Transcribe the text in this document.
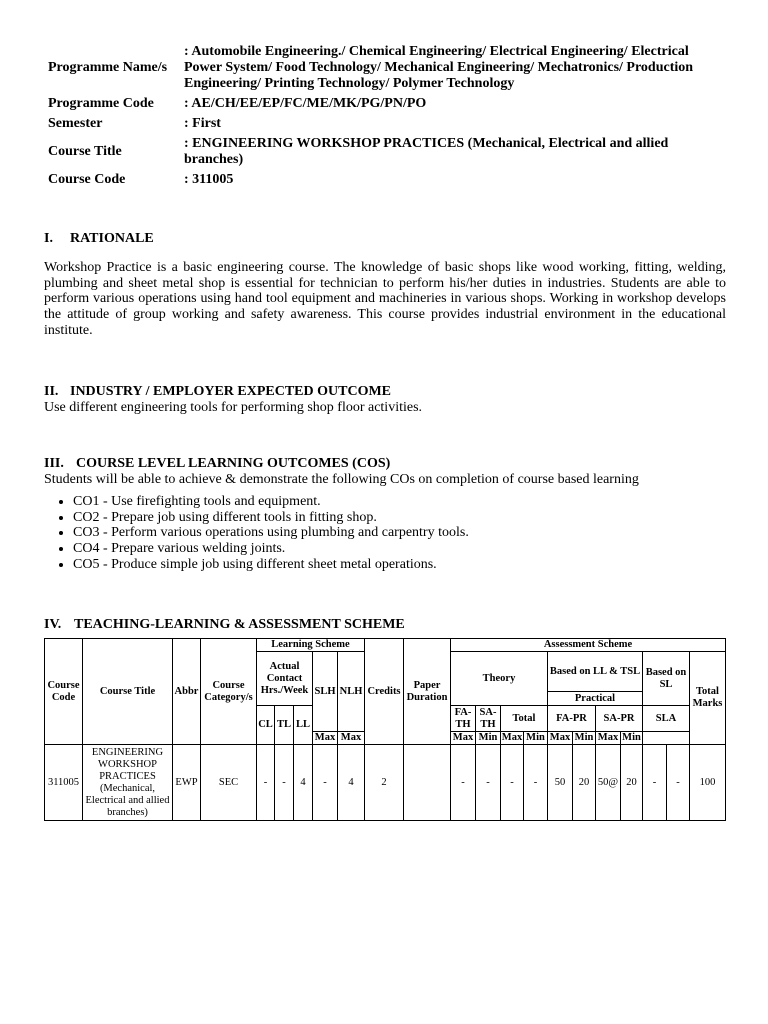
Programme Name/s	: Automobile Engineering./ Chemical Engineering/ Electrical Engineering/ Electrical Power System/ Food Technology/ Mechanical Engineering/ Mechatronics/ Production Engineering/ Printing Technology/ Polymer Technology
Programme Code	: AE/CH/EE/EP/FC/ME/MK/PG/PN/PO
Semester	: First
Course Title	: ENGINEERING WORKSHOP PRACTICES (Mechanical, Electrical and allied branches)
Course Code	: 311005
I. RATIONALE

Workshop Practice is a basic engineering course. The knowledge of basic shops like wood working, fitting, welding, plumbing and sheet metal shop is essential for technician to perform his/her duties in industries. Students are able to perform various operations using hand tool equipment and machineries in various shops. Working in workshop develops the attitude of group working and safety awareness. This course provides industrial environment in the educational institute.

II. INDUSTRY / EMPLOYER EXPECTED OUTCOME

Use different engineering tools for performing shop floor activities.

III. COURSE LEVEL LEARNING OUTCOMES (COS)

Students will be able to achieve & demonstrate the following COs on completion of course based learning

• CO1 - Use firefighting tools and equipment.
• CO2 - Prepare job using different tools in fitting shop.
• CO3 - Perform various operations using plumbing and carpentry tools.
• CO4 - Prepare various welding joints.
• CO5 - Produce simple job using different sheet metal operations.
IV. TEACHING-LEARNING & ASSESSMENT SCHEME
Course Code	Course Title	Abbr	Course Category/s	Learning Scheme					Credits	Paper Duration	Assessment Scheme										
				Actual Contact Hrs./Week			SLH	NLH			Theory				Based on LL & TSL				Based on SL		Total Marks
															Practical						
				CL	TL	LL					FA-TH	SA-TH	Total		FA-PR		SA-PR		SLA		
							Max	Max			Max	Min	Max	Min	Max	Min	Max	Min			
311005	ENGINEERING WORKSHOP PRACTICES (Mechanical, Electrical and allied branches)	EWP	SEC	-	-	4	-	4	2		-	-	-	-	50	20	50@	20	-	-	100
